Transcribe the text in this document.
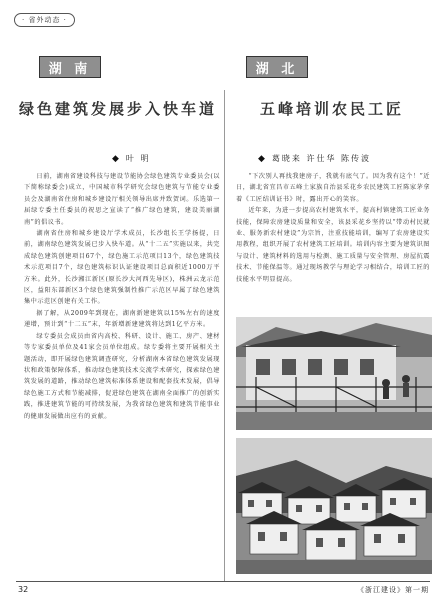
· 省外动态 ·
湖 南	湖 北
绿色建筑发展步入快车道	五峰培训农民工匠
◆ 叶 明	◆ 葛晓来 许仕华 陈传波

日前，湖南省建设科技与建设节能协会绿色建筑专业委员会(以下简称绿委会)成立，中国城市科学研究会绿色建筑与节能专业委员会及湖南省住房和城乡建设厅相关领导出席并致贺词。乐选第一届绿专委主任委员的祝思之宣读了“推广绿色建筑，建设美丽湖南”的倡议书。

湖南省住房和城乡建设厅学术成员，长沙组长王学扬提，日前，湖南绿色建筑发展已步入快车道。从“十二五”实施以来，共完成绿色建筑创建项目67个，绿色施工示范项目13个，绿色建筑技术示范项目7个，绿色建筑标识认证建设项目总面积近1000万平方米。此外，长沙湘江新区(原长沙大河西先导区)，株洲云龙示范区，益阳东部新区3个绿色建筑强制性推广示范区早属了绿色建筑集中示范区创建有关工作。

据了解，从2009年到现在，湖南新建建筑以15%左右的速度递增，预计到“十二五”末，年新增新建建筑将达到1亿平方米。

绿专委员会成员由省内高校、科研、设计、施工、房产、建材等专家委员单位及41家会员单位组成。绿专委将主要开展相关主题活动，即开展绿色建筑调查研究，分析湖南本省绿色建筑发展现状和政策保障体系，推动绿色建筑技术交流学术研究，探索绿色建筑发展的道路，推动绿色建筑标准体系建设和配套技术发展，倡导绿色施工方式和节能减排，促进绿色建筑在湖南全面推广的创新实践，推进建筑节能的可持续发展，为我省绿色建筑和建筑节能事业的健康发展做出应有的贡献。

“下次别人再找我建房子，我就有底气了。因为我有这个！”近日，湖北省宜昌市五峰土家族自治县采花乡农民建筑工匠陈家茅拿着《工匠结训证书》时，露出开心的笑容。

近年来，为进一步提高农村建筑水平，提高村镇建筑工匠业务技能，保障农房建设质量和安全，该县采花乡坚持以“带动村民就业、服务新农村建设”为宗旨，注重技能培训，编写了农房建设实用教程，组织开展了农村建筑工匠培训。培训内容主要为建筑识图与设计、建筑材料的选用与检测、施工质量与安全管理、房屋抗震技术、节能保温等。通过现场教学与理论学习相结合，培训工匠的技能水平明显提高。

32	《浙江建设》第一期
